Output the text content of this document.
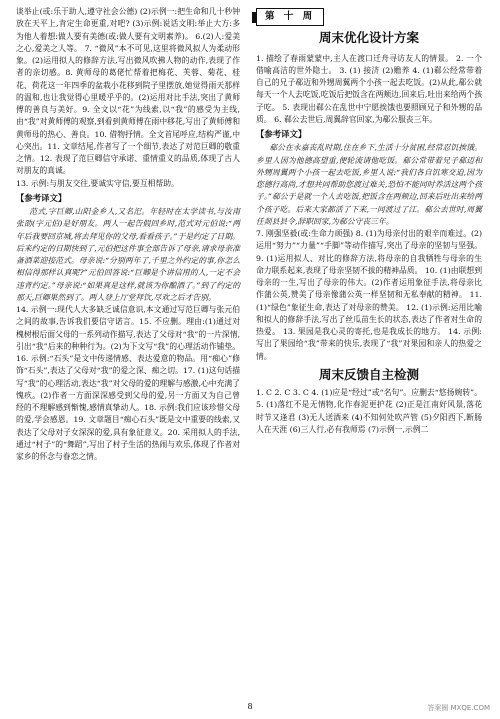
谈举止(或:乐于助人,遵守社会公德) (2)示例一:把生命和几十秒钟放在天平上,肯定生命更重,对吧? (3)示例:说话文明:举止大方:多为他人着想:做人要有美德(或:做人要有文明素养)。 6.(2)人:爱美之心,爱美之人等。 7. “微风”本不可见,这里将微风拟人为柔动形象。(2)运用拟人的修辞方法,写出微风吹拂人物的动作,表现了作者的亲切感。8. 黄师母的葛佬忙帮着把梅花、芙蓉、菊花、桂花、荷花这一年四季的盆栽小花移到院子里摆放,她觉得雨天那样的温和,也让我觉得心里暖乎乎的。(2)运用对比手法,突出了黄师傅的善良与美好。9. 全文以“花”为线索,以“我”的感受为主线,由“我”对黄师傅的观察,到看到黄师傅在雨中移花,写出了黄师傅和黄师母的热心、善良。10. 借物抒情。全文首尾呼应,结构严谨,中心突出。11. 文章结尾,作者写了一个细节,表达了对范巨卿的敬重之情。12. 表现了范巨卿信守承诺、重情重义的品质,体现了古人对朋友的真诚。

13. 示例:与朋友交往,要诚实守信,要互相帮助。

【参考译文】

范式,字巨卿,山阳金乡人,又名汜。年轻时在太学读书,与汝南张劭(字元伯)是好朋友。两人一起告假回乡时,范式对元伯说:“两年后我要回京城,将去拜见你的父母,看看孩子。”于是约定了日期。后来约定的日期快到了,元伯把这件事全部告诉了母亲,请求母亲准备酒菜迎接范式。母亲说:“分别两年了,千里之外约定的事,你怎么相信得那样认真呢?”元伯回答说:“巨卿是个讲信用的人,一定不会违背约定。”母亲说:“如果真是这样,就该为你酿酒了。”到了约定的那天,巨卿果然到了。两人登上厅堂拜饮,尽欢之后才告别。

14. 示例一:现代人大多缺乏诚信意识,本文通过写范巨卿与张元伯之间的故事,告诉我们要信守诺言。15. 不应删。理由:(1)通过对槐树根后面父母的一系列动作描写,表达了父母对“我”的一片深情,引出“我”后来的种种行为。(2)为下文写“我”的心理活动作铺垫。16. 示例:“石头”是文中传递情感、表达爱意的物品。用“痴心”修饰“石头”,表达了父母对“我”的爱之深、痴之切。17. (1)这句话描写“我”的心理活动,表达“我”对父母的爱的理解与感激,心中充满了愧疚。(2)作者一方面深深感受到父母的爱,另一方面又为自己曾经的不理解感到惭愧,感情真挚动人。18. 示例:我们应该珍惜父母的爱,学会感恩。19. 文章题目“痴心石头”既是文中重要的线索,又表达了父母对子女深深的爱,具有象征意义。20. 采用拟人的手法,通过“村子”的“舞蹈”,写出了村子生活的热闹与欢乐,体现了作者对家乡的怀念与眷恋之情。

第 十 周
周末优化设计方案

1. 描绘了春雨蒙蒙中,主人在渡口迁舟寻访友人的情景。 2. 一个借喻高洁的世外隐士。 3. (1) 接济 (2)赡养 4. (1)郗公经常带着自己的兄子郗迈和外甥周翼两个小孩一起去吃饭。(2)从此,郗公就每天一个人去吃饭,吃饭后把饭含在两颊边,回来后,吐出来给两个孩子吃。 5. 表现出郗公在乱世中宁愿挨饿也要照顾兄子和外甥的品质。 6. 郗公去世后,周翼辞官回家,为郗公服丧三年。

【参考译文】

郗公在永嘉丧乱时期,住在乡下,生活十分贫困,经常忍饥挨饿。乡里人因为他德高望重,便轮流请他吃饭。郗公常带着兄子郗迈和外甥周翼两个小孩一起去吃饭,乡里人说:“我们各自饥寒交迫,因为您德行高尚,才想共同帮助您渡过难关,恐怕不能同时养活这两个孩子。”郗公于是就一个人去吃饭,把饭含在两颊边,回来后吐出来给两个孩子吃。后来大家都活了下来,一同渡过了江。郗公去世时,周翼任剡县县令,辞职回家,为郗公守丧三年。

7. 刚强坚毅(或:生命力顽强) 8. (1)为母亲付出的艰辛而难过。(2)运用“努力”“力量”“手脚”等动作描写,突出了母亲的坚韧与坚强。 9. (1)运用拟人、对比的修辞方法,将母亲的自我牺牲与母亲的生命力联系起来,表现了母亲坚韧不拔的精神品质。 10. (1)由联想到母亲的一生,写出了母亲的伟大。(2)作者运用象征手法,将母亲比作蒲公英,赞美了母亲像蒲公英一样坚韧和无私奉献的精神。 11. (1)“绿色”象征生命,表达了对母亲的赞美。 12. (1)示例:运用比喻和拟人的修辞手法,写出了丝瓜苗生长的状态,表达了作者对生命的热爱。 13. 果园是我心灵的寄托,也是我成长的地方。 14. 示例:写出了果园给“我”带来的快乐,表现了“我”对果园和亲人的热爱之情。

周末反馈自主检测

1. C 2. C 3. C 4. (1)应是“经过”或“名句”。应删去“悠扬婉转”。 5. (1)落红不是无情物,化作春泥更护花 (2)正是江南好风景,落花时节又逢君 (3)无人送酒来 (4)不知何处吹芦管 (5)夕阳西下,断肠人在天涯 (6)三人行,必有我师焉 (7)示例一,示例二

8	答案圈 MXQE.COM
